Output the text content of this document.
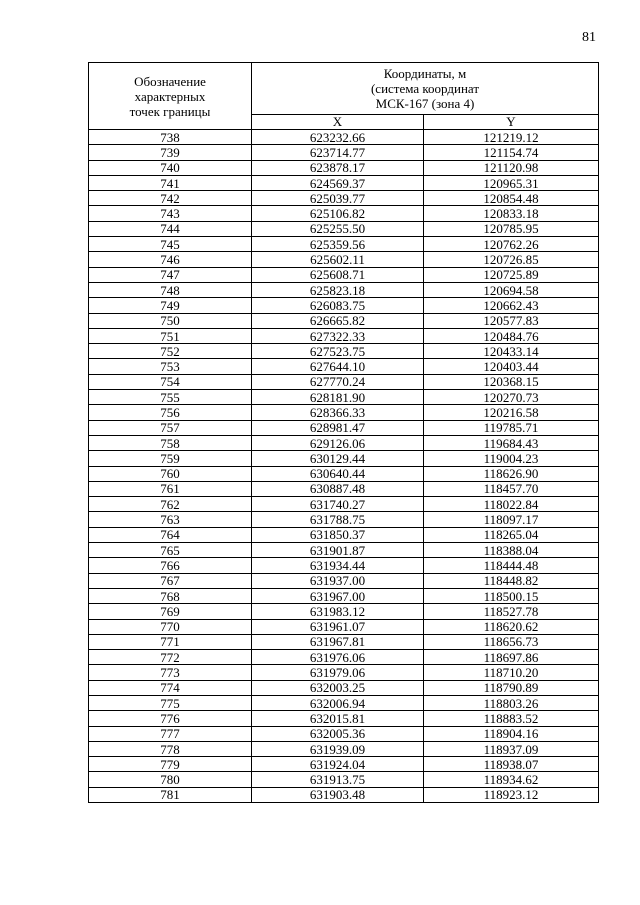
81
Обозначение
характерных
точек границы	Координаты, м
(система координат
МСК-167 (зона 4)	

	X	Y
738	623232.66	121219.12
739	623714.77	121154.74
740	623878.17	121120.98
741	624569.37	120965.31
742	625039.77	120854.48
743	625106.82	120833.18
744	625255.50	120785.95
745	625359.56	120762.26
746	625602.11	120726.85
747	625608.71	120725.89
748	625823.18	120694.58
749	626083.75	120662.43
750	626665.82	120577.83
751	627322.33	120484.76
752	627523.75	120433.14
753	627644.10	120403.44
754	627770.24	120368.15
755	628181.90	120270.73
756	628366.33	120216.58
757	628981.47	119785.71
758	629126.06	119684.43
759	630129.44	119004.23
760	630640.44	118626.90
761	630887.48	118457.70
762	631740.27	118022.84
763	631788.75	118097.17
764	631850.37	118265.04
765	631901.87	118388.04
766	631934.44	118444.48
767	631937.00	118448.82
768	631967.00	118500.15
769	631983.12	118527.78
770	631961.07	118620.62
771	631967.81	118656.73
772	631976.06	118697.86
773	631979.06	118710.20
774	632003.25	118790.89
775	632006.94	118803.26
776	632015.81	118883.52
777	632005.36	118904.16
778	631939.09	118937.09
779	631924.04	118938.07
780	631913.75	118934.62
781	631903.48	118923.12
